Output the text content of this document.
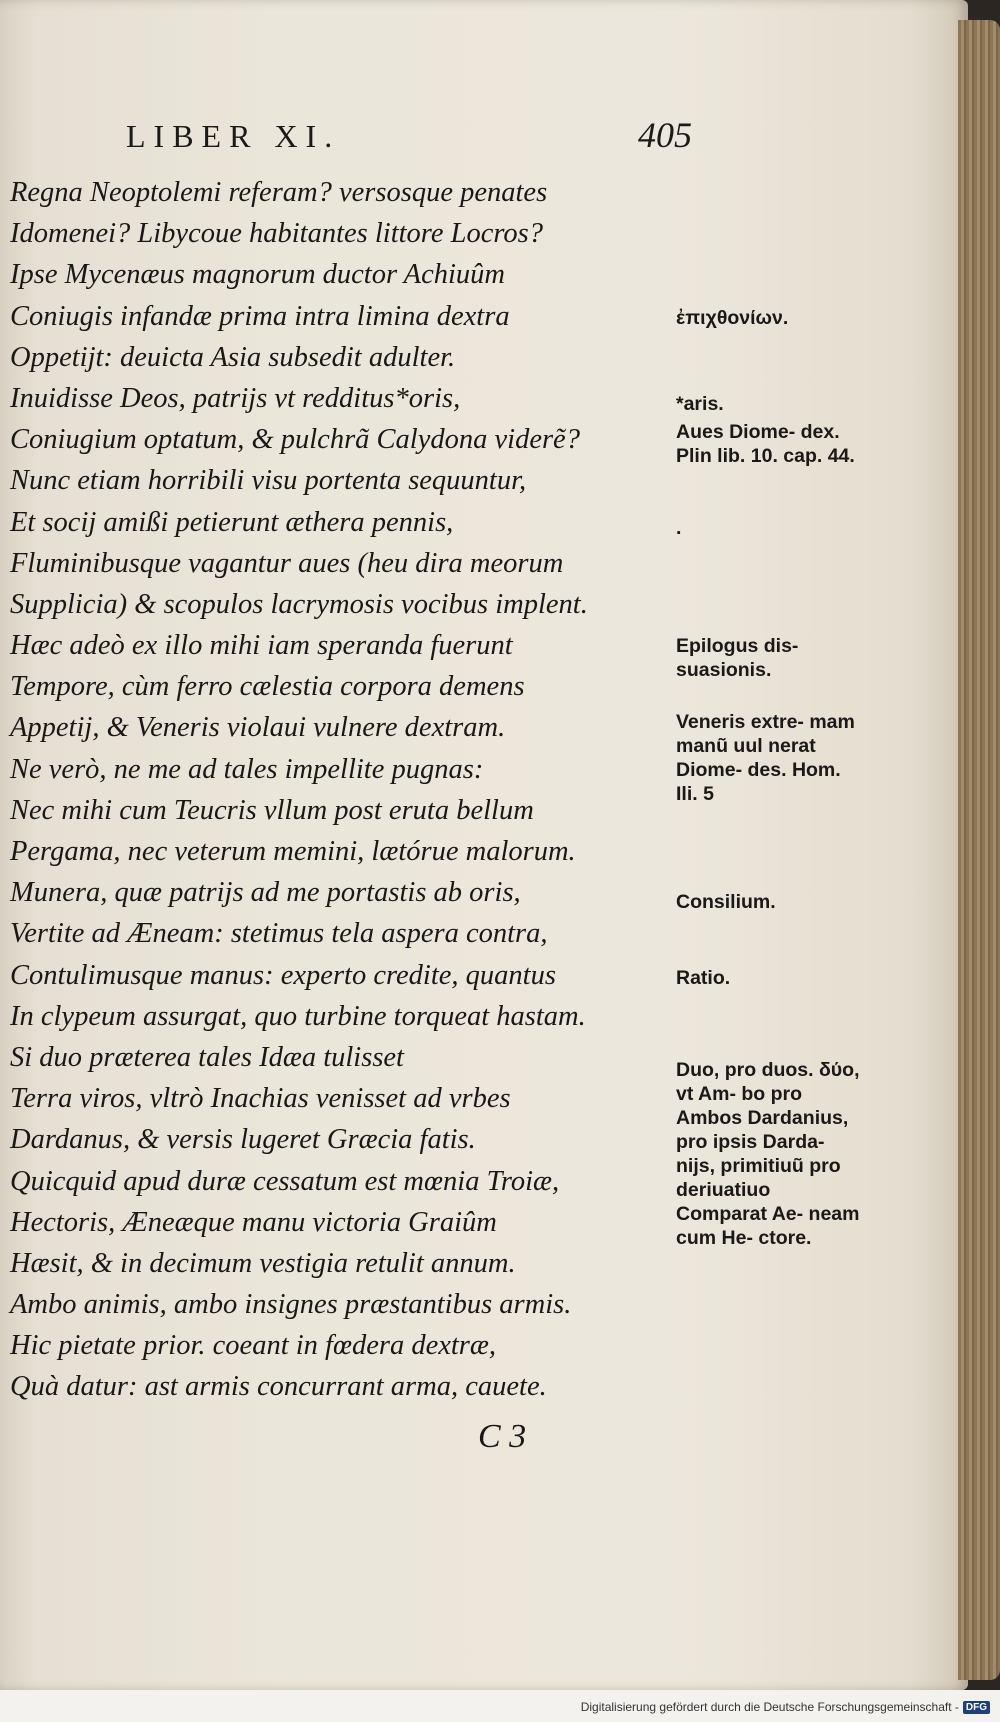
LIBER XI.	405
Regna Neoptolemi referam? versosque penates
Idomenei? Libycoue habitantes littore Locros?
Ipse Mycenæus magnorum ductor Achiuûm
Coniugis infandæ prima intra limina dextra
Oppetijt: deuicta Asia subsedit adulter.
Inuidisse Deos, patrijs vt redditus*oris,
Coniugium optatum, & pulchrã Calydona viderẽ?
Nunc etiam horribili visu portenta sequuntur,
Et socij amißi petierunt æthera pennis,
Fluminibusque vagantur aues (heu dira meorum
Supplicia) & scopulos lacrymosis vocibus implent.
Hæc adeò ex illo mihi iam speranda fuerunt
Tempore, cùm ferro cælestia corpora demens
Appetij, & Veneris violaui vulnere dextram.
Ne verò, ne me ad tales impellite pugnas:
Nec mihi cum Teucris vllum post eruta bellum
Pergama, nec veterum memini, lætórue malorum.
Munera, quæ patrijs ad me portastis ab oris,
Vertite ad Æneam: stetimus tela aspera contra,
Contulimusque manus: experto credite, quantus
In clypeum assurgat, quo turbine torqueat hastam.
Si duo præterea tales Idæa tulisset
Terra viros, vltrò Inachias venisset ad vrbes
Dardanus, & versis lugeret Græcia fatis.
Quicquid apud duræ cessatum est mœnia Troiæ,
Hectoris, Æneæque manu victoria Graiûm
Hæsit, & in decimum vestigia retulit annum.
Ambo animis, ambo insignes præstantibus armis.
Hic pietate prior. coeant in fœdera dextræ,
Quà datur: ast armis concurrant arma, cauete.
ἐπιχθονίων.
*aris.
Aues Diome- dex. Plin lib. 10. cap. 44.
.
Epilogus dis- suasionis.
Veneris extre- mam manũ uul nerat Diome- des. Hom. Ili. 5
Consilium.
Ratio.
Duo, pro duos. δύο, vt Am- bo pro Ambos Dardanius, pro ipsis Darda- nijs, primitiuũ pro deriuatiuo Comparat Ae- neam cum He- ctore.
C 3
Digitalisierung gefördert durch die Deutsche Forschungsgemeinschaft - DFG
